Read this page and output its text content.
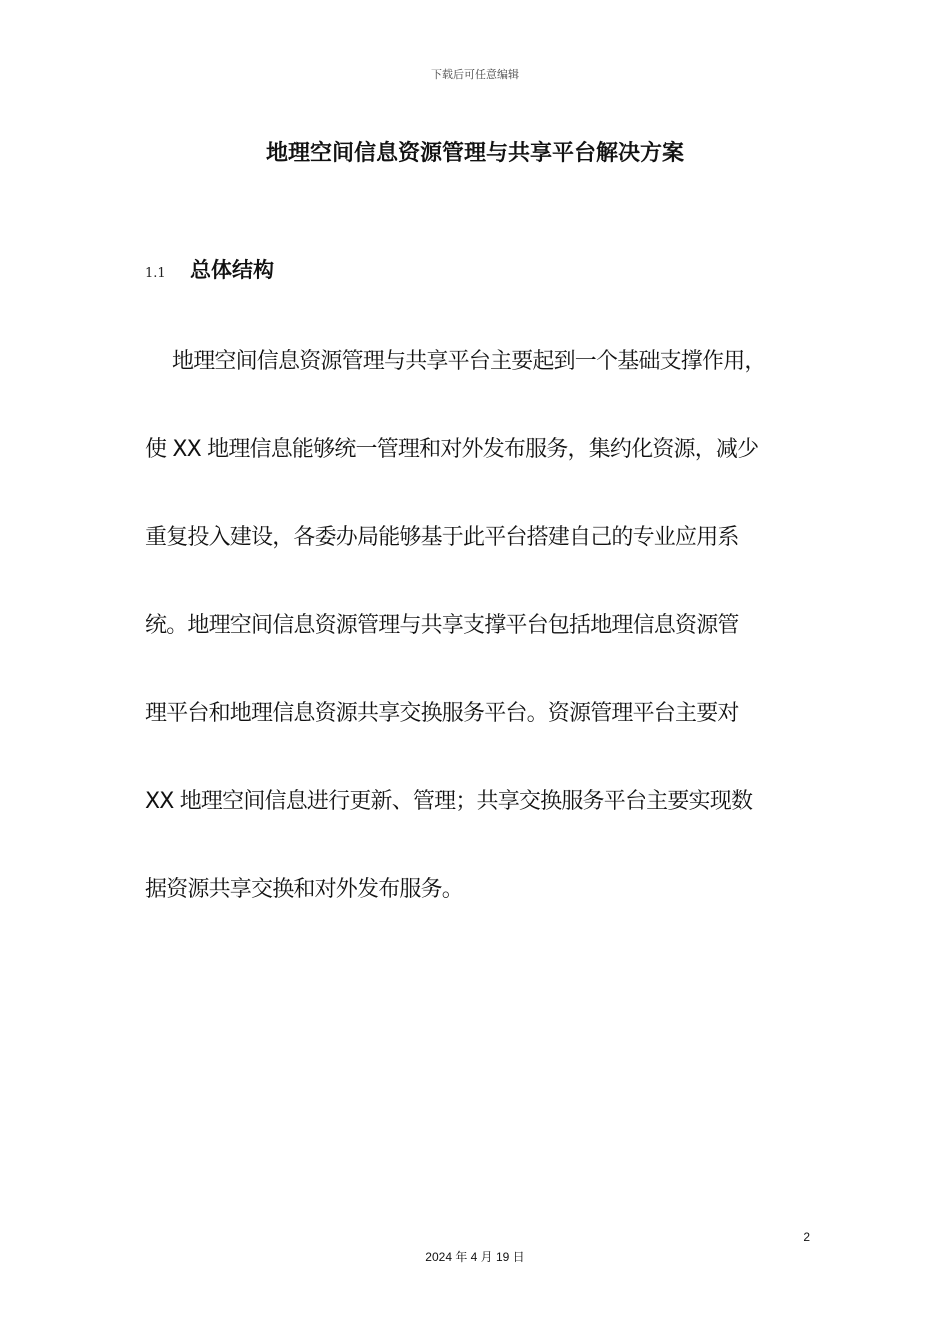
下载后可任意编辑
地理空间信息资源管理与共享平台解决方案
1.1	总体结构
地理空间信息资源管理与共享平台主要起到一个基础支撑作用，
使 XX 地理信息能够统一管理和对外发布服务，集约化资源，减少
重复投入建设，各委办局能够基于此平台搭建自己的专业应用系
统。地理空间信息资源管理与共享支撑平台包括地理信息资源管
理平台和地理信息资源共享交换服务平台。资源管理平台主要对
XX 地理空间信息进行更新、管理；共享交换服务平台主要实现数
据资源共享交换和对外发布服务。
2
2024 年 4 月 19 日
